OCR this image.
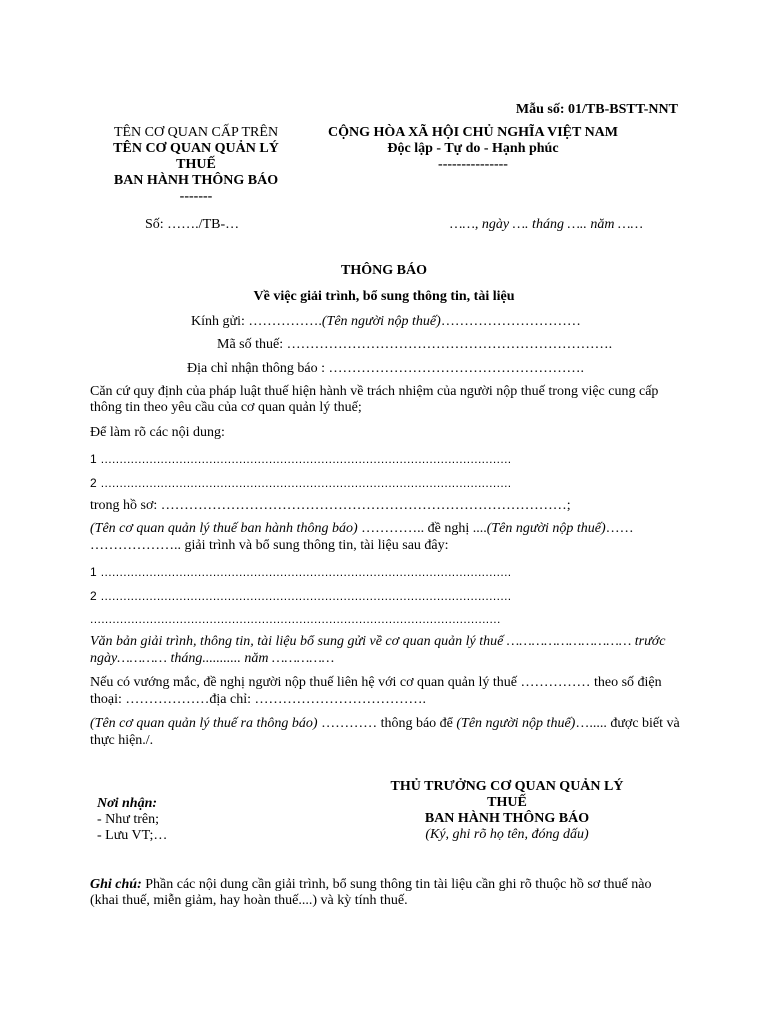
Mẫu số: 01/TB-BSTT-NNT
TÊN CƠ QUAN CẤP TRÊN
TÊN CƠ QUAN QUẢN LÝ
THUẾ
BAN HÀNH THÔNG BÁO
-------
Số: ……./TB-…
CỘNG HÒA XÃ HỘI CHỦ NGHĨA VIỆT NAM
Độc lập - Tự do - Hạnh phúc
---------------
……, ngày …. tháng ….. năm ……
THÔNG BÁO
Về việc giải trình, bổ sung thông tin, tài liệu
Kính gửi: …………….(Tên người nộp thuế)…………………………
Mã số thuế: …………………………………………………………….
Địa chỉ nhận thông báo : ……………………………………………….
Căn cứ quy định của pháp luật thuế hiện hành về trách nhiệm của người nộp thuế trong việc cung cấp thông tin theo yêu cầu của cơ quan quản lý thuế;
Để làm rõ các nội dung:
1 ..............................................................................................................
2 ..............................................................................................................
trong hồ sơ: ……………………………………………………………………………;
(Tên cơ quan quản lý thuế ban hành thông báo) ………….. đề nghị ....(Tên người nộp thuế)……
……………….. giải trình và bổ sung thông tin, tài liệu sau đây:
1 ..............................................................................................................
2 ..............................................................................................................
..............................................................................................................
Văn bản giải trình, thông tin, tài liệu bổ sung gửi về cơ quan quản lý thuế ………………………… trước
ngày………… tháng........... năm ……………
Nếu có vướng mắc, đề nghị người nộp thuế liên hệ với cơ quan quản lý thuế …………… theo số điện
thoại: ………………địa chỉ: ……………………………….
(Tên cơ quan quản lý thuế ra thông báo) ………… thông báo để (Tên người nộp thuế)…..... được biết và
thực hiện./.
Nơi nhận:
- Như trên;
- Lưu VT;…
THỦ TRƯỞNG CƠ QUAN QUẢN LÝ
THUẾ
BAN HÀNH THÔNG BÁO
(Ký, ghi rõ họ tên, đóng dấu)
Ghi chú: Phần các nội dung cần giải trình, bổ sung thông tin tài liệu cần ghi rõ thuộc hồ sơ thuế nào (khai thuế, miễn giảm, hay hoàn thuế....) và kỳ tính thuế.
